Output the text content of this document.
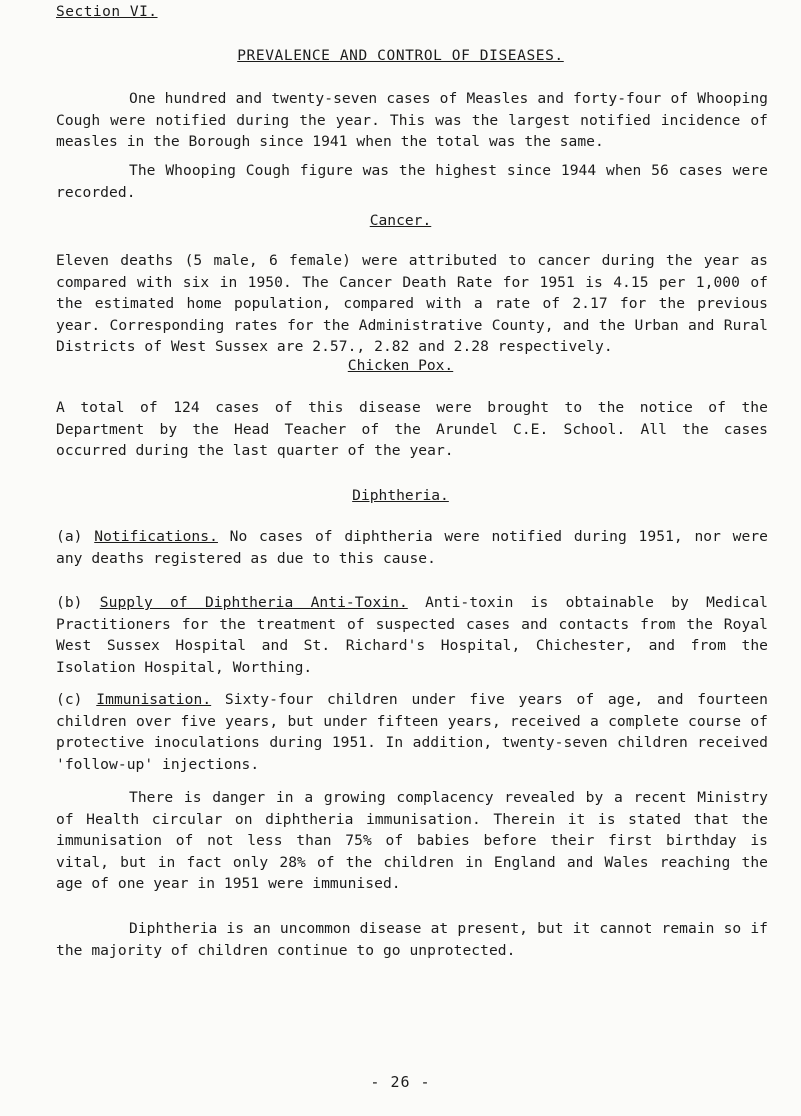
Section VI.
PREVALENCE AND CONTROL OF DISEASES.

One hundred and twenty-seven cases of Measles and forty-four of Whooping Cough were notified during the year. This was the largest notified incidence of measles in the Borough since 1941 when the total was the same.

The Whooping Cough figure was the highest since 1944 when 56 cases were recorded.

Cancer.

Eleven deaths (5 male, 6 female) were attributed to cancer during the year as compared with six in 1950. The Cancer Death Rate for 1951 is 4.15 per 1,000 of the estimated home population, compared with a rate of 2.17 for the previous year. Corresponding rates for the Administrative County, and the Urban and Rural Districts of West Sussex are 2.57., 2.82 and 2.28 respectively.

Chicken Pox.

A total of 124 cases of this disease were brought to the notice of the Department by the Head Teacher of the Arundel C.E. School. All the cases occurred during the last quarter of the year.

Diphtheria.

(a) Notifications. No cases of diphtheria were notified during 1951, nor were any deaths registered as due to this cause.

(b) Supply of Diphtheria Anti-Toxin. Anti-toxin is obtainable by Medical Practitioners for the treatment of suspected cases and contacts from the Royal West Sussex Hospital and St. Richard's Hospital, Chichester, and from the Isolation Hospital, Worthing.

(c) Immunisation. Sixty-four children under five years of age, and fourteen children over five years, but under fifteen years, received a complete course of protective inoculations during 1951. In addition, twenty-seven children received 'follow-up' injections.

There is danger in a growing complacency revealed by a recent Ministry of Health circular on diphtheria immunisation. Therein it is stated that the immunisation of not less than 75% of babies before their first birthday is vital, but in fact only 28% of the children in England and Wales reaching the age of one year in 1951 were immunised.

Diphtheria is an uncommon disease at present, but it cannot remain so if the majority of children continue to go unprotected.

- 26 -
